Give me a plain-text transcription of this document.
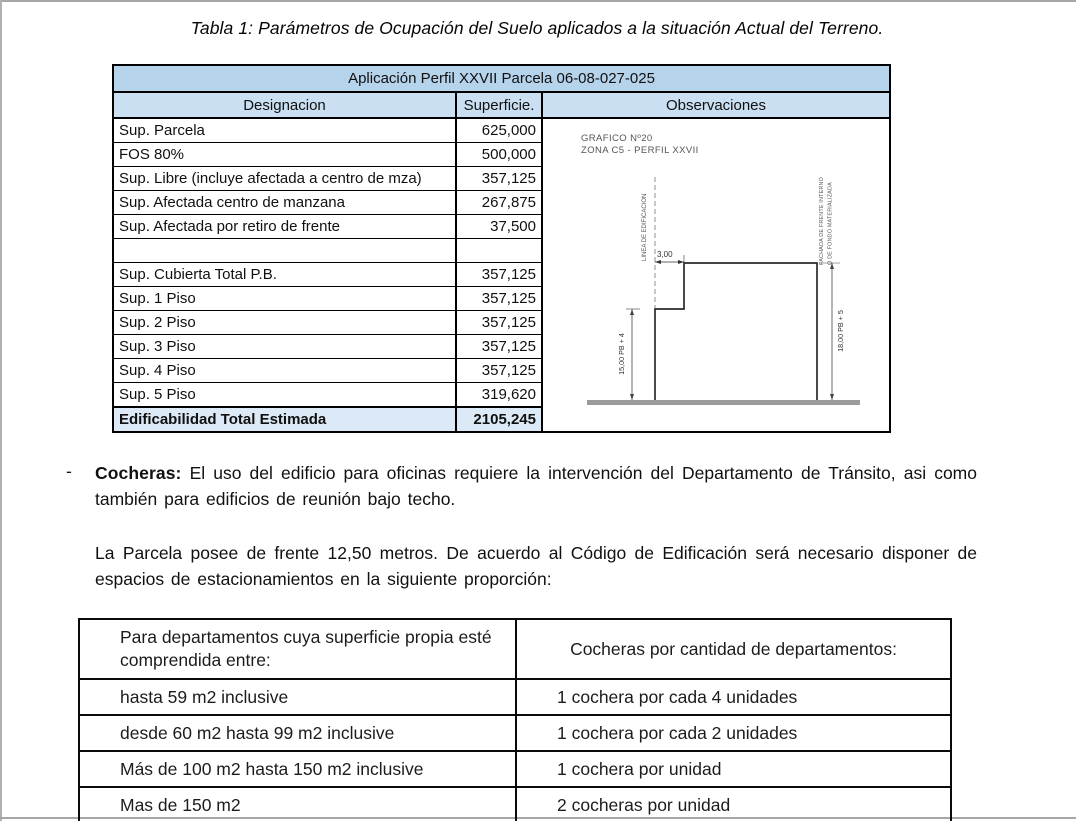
Tabla 1: Parámetros de Ocupación del Suelo aplicados a la situación Actual del Terreno.
Aplicación Perfil XXVII Parcela 06-08-027-025		
Designacion	Superficie.	Observaciones
Sup. Parcela	625,000	GRAFICO Nº20
ZONA C5 - PERFIL XXVII
LINEA DE EDIFICACION 3,00
15,00 PB + 4
18,00 PB + 5
FACHADA DE FRENTE INTERNO O DE FONDO MATERIALIZADA

FOS 80%	500,000	
Sup. Libre (incluye afectada a centro de mza)	357,125	
Sup. Afectada centro de manzana	267,875	
Sup. Afectada por retiro de frente	37,500	

Sup. Cubierta Total P.B.	357,125	
Sup. 1 Piso	357,125	
Sup. 2 Piso	357,125	
Sup. 3 Piso	357,125	
Sup. 4 Piso	357,125	
Sup. 5 Piso	319,620	
Edificabilidad Total Estimada	2105,245	
- Cocheras: El uso del edificio para oficinas requiere la intervención del Departamento de Tránsito, asi como también para edificios de reunión bajo techo.
La Parcela posee de frente 12,50 metros. De acuerdo al Código de Edificación será necesario disponer de espacios de estacionamientos en la siguiente proporción:
Para departamentos cuya superficie propia esté comprendida entre:	Cocheras por cantidad de departamentos:
hasta 59 m2 inclusive	1 cochera por cada 4 unidades
desde 60 m2 hasta 99 m2 inclusive	1 cochera por cada 2 unidades
Más de 100 m2 hasta 150 m2 inclusive	1 cochera por unidad
Mas de 150 m2	2 cocheras por unidad
